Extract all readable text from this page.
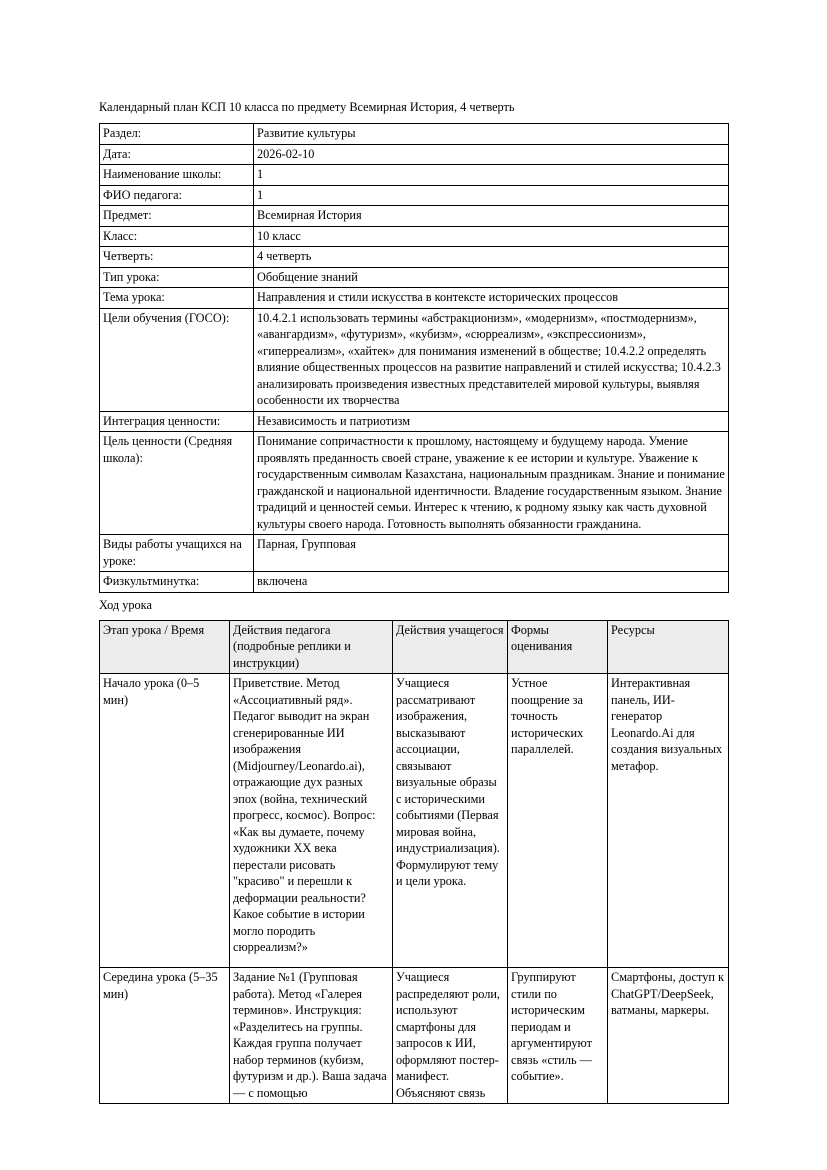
Календарный план КСП 10 класса по предмету Всемирная История, 4 четверть

Раздел:	Развитие культуры
Дата:	2026-02-10
Наименование школы:	1
ФИО педагога:	1
Предмет:	Всемирная История
Класс:	10 класс
Четверть:	4 четверть
Тип урока:	Обобщение знаний
Тема урока:	Направления и стили искусства в контексте исторических процессов
Цели обучения (ГОСО):	10.4.2.1 использовать термины «абстракционизм», «модернизм», «постмодернизм», «авангардизм», «футуризм», «кубизм», «сюрреализм», «экспрессионизм», «гиперреализм», «хайтек» для понимания изменений в обществе; 10.4.2.2 определять влияние общественных процессов на развитие направлений и стилей искусства; 10.4.2.3 анализировать произведения известных представителей мировой культуры, выявляя особенности их творчества
Интеграция ценности:	Независимость и патриотизм
Цель ценности (Средняя школа):	Понимание сопричастности к прошлому, настоящему и будущему народа. Умение проявлять преданность своей стране, уважение к ее истории и культуре. Уважение к государственным символам Казахстана, национальным праздникам. Знание и понимание гражданской и национальной идентичности. Владение государственным языком. Знание традиций и ценностей семьи. Интерес к чтению, к родному языку как часть духовной культуры своего народа. Готовность выполнять обязанности гражданина.
Виды работы учащихся на уроке:	Парная, Групповая
Физкультминутка:	включена

Ход урока

Этап урока / Время	Действия педагога (подробные реплики и инструкции)	Действия учащегося	Формы оценивания	Ресурсы
Начало урока (0–5 мин)	Приветствие. Метод «Ассоциативный ряд». Педагог выводит на экран сгенерированные ИИ изображения (Midjourney/Leonardo.ai), отражающие дух разных эпох (война, технический прогресс, космос). Вопрос: «Как вы думаете, почему художники XX века перестали рисовать "красиво" и перешли к деформации реальности? Какое событие в истории могло породить сюрреализм?»	Учащиеся рассматривают изображения, высказывают ассоциации, связывают визуальные образы с историческими событиями (Первая мировая война, индустриализация). Формулируют тему и цели урока.	Устное поощрение за точность исторических параллелей.	Интерактивная панель, ИИ-генератор Leonardo.Ai для создания визуальных метафор.
Середина урока (5–35 мин)	Задание №1 (Групповая работа). Метод «Галерея терминов». Инструкция: «Разделитесь на группы. Каждая группа получает набор терминов (кубизм, футуризм и др.). Ваша задача — с помощью	Учащиеся распределяют роли, используют смартфоны для запросов к ИИ, оформляют постер-манифест. Объясняют связь	Группируют стили по историческим периодам и аргументируют связь «стиль — событие».	Смартфоны, доступ к ChatGPT/DeepSeek, ватманы, маркеры.
